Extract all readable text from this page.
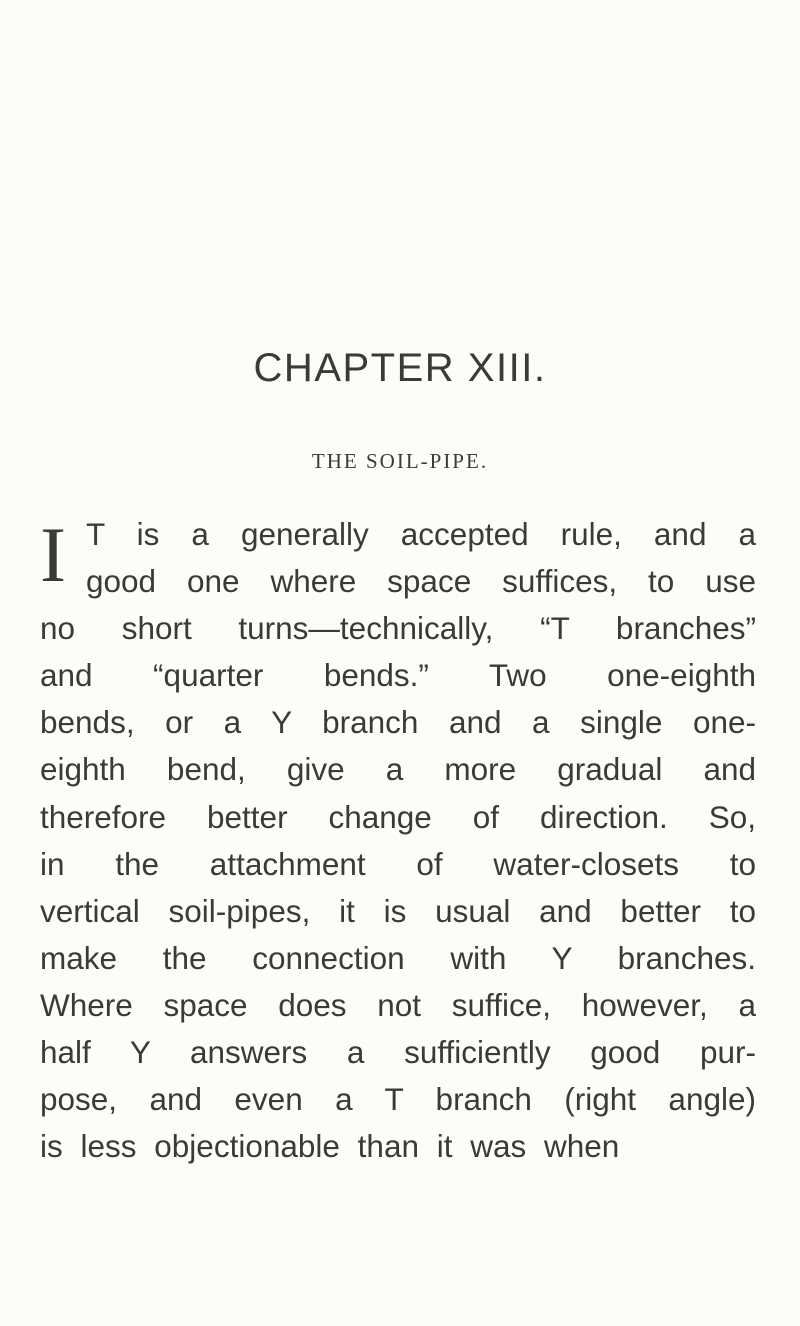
CHAPTER XIII.
THE SOIL-PIPE.
I T is a generally accepted rule, and a
good one where space suffices, to use
no short turns—technically, “T branches”
and “quarter bends.” Two one-eighth
bends, or a Y branch and a single one-
eighth bend, give a more gradual and
therefore better change of direction. So,
in the attachment of water-closets to
vertical soil-pipes, it is usual and better to
make the connection with Y branches.
Where space does not suffice, however, a
half Y answers a sufficiently good pur-
pose, and even a T branch (right angle)
is less objectionable than it was when
